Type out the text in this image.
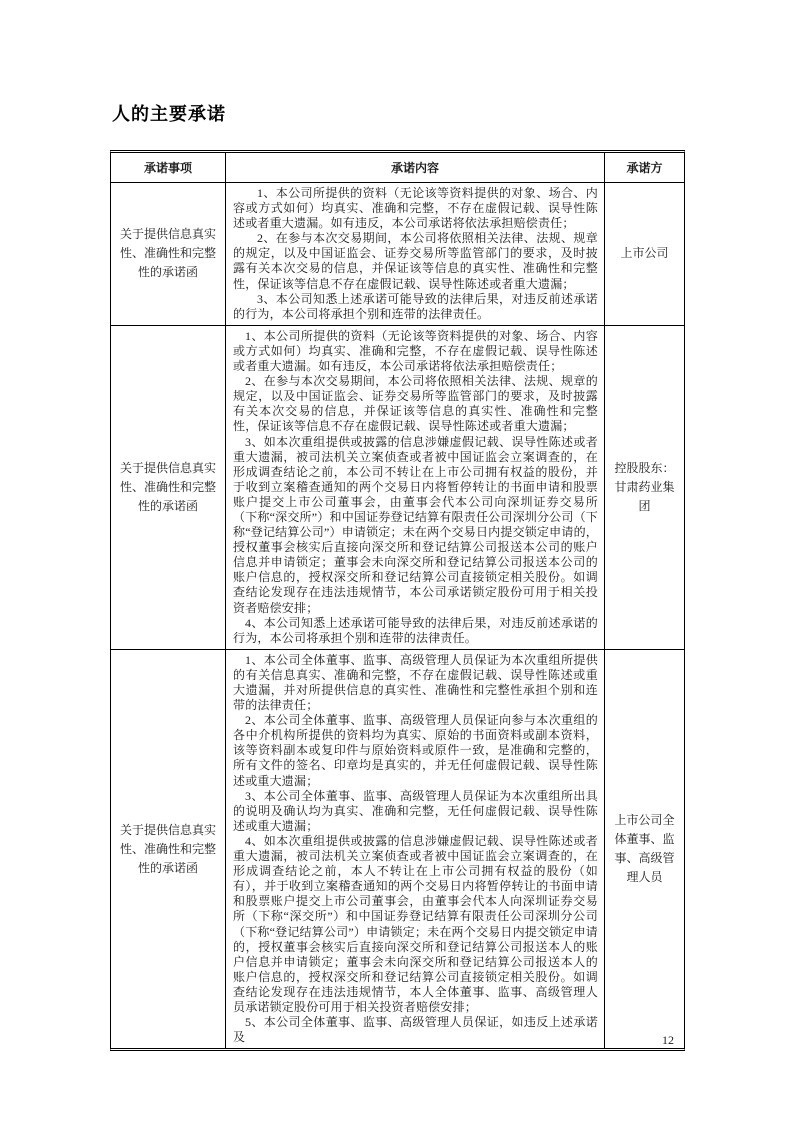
人的主要承诺
承诺事项	承诺内容	承诺方
关于提供信息真实性、准确性和完整性的承诺函

1、本公司所提供的资料（无论该等资料提供的对象、场合、内容或方式如何）均真实、准确和完整，不存在虚假记载、误导性陈述或者重大遗漏。如有违反，本公司承诺将依法承担赔偿责任；

2、在参与本次交易期间，本公司将依照相关法律、法规、规章的规定，以及中国证监会、证券交易所等监管部门的要求，及时披露有关本次交易的信息，并保证该等信息的真实性、准确性和完整性，保证该等信息不存在虚假记载、误导性陈述或者重大遗漏；

3、本公司知悉上述承诺可能导致的法律后果，对违反前述承诺的行为，本公司将承担个别和连带的法律责任。

上市公司
关于提供信息真实性、准确性和完整性的承诺函

1、本公司所提供的资料（无论该等资料提供的对象、场合、内容或方式如何）均真实、准确和完整，不存在虚假记载、误导性陈述或者重大遗漏。如有违反，本公司承诺将依法承担赔偿责任；

2、在参与本次交易期间，本公司将依照相关法律、法规、规章的规定，以及中国证监会、证券交易所等监管部门的要求，及时披露有关本次交易的信息，并保证该等信息的真实性、准确性和完整性，保证该等信息不存在虚假记载、误导性陈述或者重大遗漏；

3、如本次重组提供或披露的信息涉嫌虚假记载、误导性陈述或者重大遗漏，被司法机关立案侦查或者被中国证监会立案调查的，在形成调查结论之前，本公司不转让在上市公司拥有权益的股份，并于收到立案稽查通知的两个交易日内将暂停转让的书面申请和股票账户提交上市公司董事会，由董事会代本公司向深圳证券交易所（下称“深交所”）和中国证券登记结算有限责任公司深圳分公司（下称“登记结算公司”）申请锁定；未在两个交易日内提交锁定申请的，授权董事会核实后直接向深交所和登记结算公司报送本公司的账户信息并申请锁定；董事会未向深交所和登记结算公司报送本公司的账户信息的，授权深交所和登记结算公司直接锁定相关股份。如调查结论发现存在违法违规情节，本公司承诺锁定股份可用于相关投资者赔偿安排；

4、本公司知悉上述承诺可能导致的法律后果，对违反前述承诺的行为，本公司将承担个别和连带的法律责任。

控股股东：甘肃药业集团
关于提供信息真实性、准确性和完整性的承诺函

1、本公司全体董事、监事、高级管理人员保证为本次重组所提供的有关信息真实、准确和完整，不存在虚假记载、误导性陈述或重大遗漏，并对所提供信息的真实性、准确性和完整性承担个别和连带的法律责任；

2、本公司全体董事、监事、高级管理人员保证向参与本次重组的各中介机构所提供的资料均为真实、原始的书面资料或副本资料，该等资料副本或复印件与原始资料或原件一致，是准确和完整的，所有文件的签名、印章均是真实的，并无任何虚假记载、误导性陈述或重大遗漏；

3、本公司全体董事、监事、高级管理人员保证为本次重组所出具的说明及确认均为真实、准确和完整，无任何虚假记载、误导性陈述或重大遗漏；

4、如本次重组提供或披露的信息涉嫌虚假记载、误导性陈述或者重大遗漏，被司法机关立案侦查或者被中国证监会立案调查的，在形成调查结论之前，本人不转让在上市公司拥有权益的股份（如有），并于收到立案稽查通知的两个交易日内将暂停转让的书面申请和股票账户提交上市公司董事会，由董事会代本人向深圳证券交易所（下称“深交所”）和中国证券登记结算有限责任公司深圳分公司（下称“登记结算公司”）申请锁定；未在两个交易日内提交锁定申请的，授权董事会核实后直接向深交所和登记结算公司报送本人的账户信息并申请锁定；董事会未向深交所和登记结算公司报送本人的账户信息的，授权深交所和登记结算公司直接锁定相关股份。如调查结论发现存在违法违规情节，本人全体董事、监事、高级管理人员承诺锁定股份可用于相关投资者赔偿安排；

5、本公司全体董事、监事、高级管理人员保证，如违反上述承诺及

上市公司全体董事、监事、高级管理人员
12
